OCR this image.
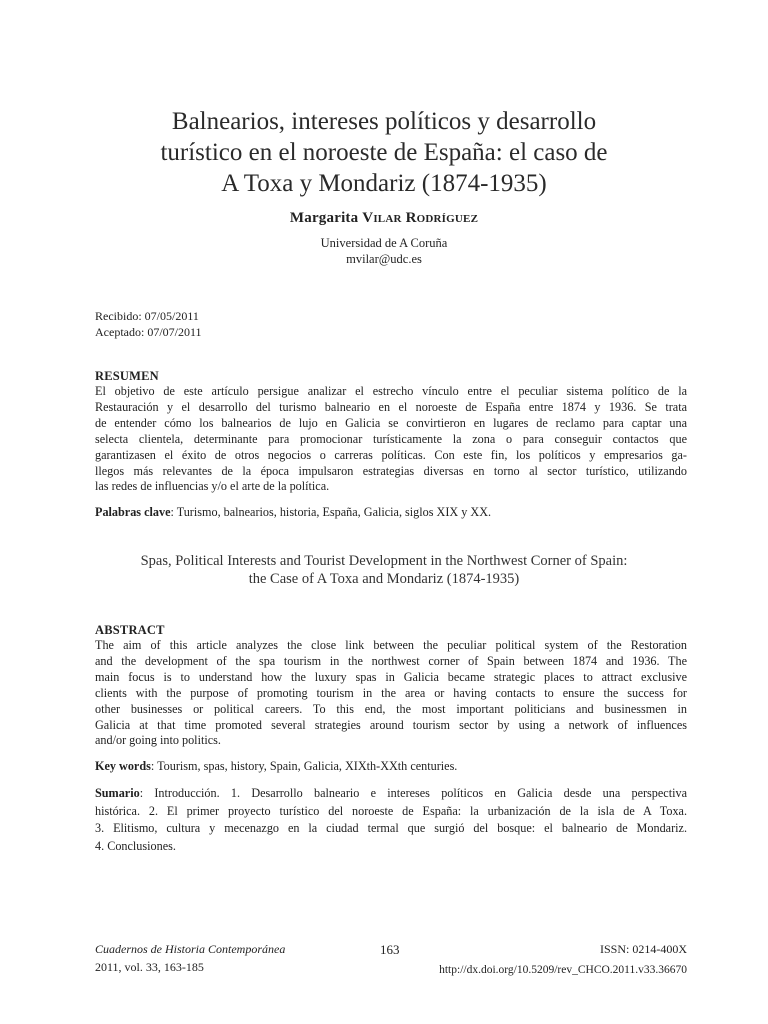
Balnearios, intereses políticos y desarrollo
turístico en el noroeste de España: el caso de
A Toxa y Mondariz (1874-1935)
Margarita Vilar Rodríguez
Universidad de A Coruña
mvilar@udc.es
Recibido: 07/05/2011
Aceptado: 07/07/2011
RESUMEN
El objetivo de este artículo persigue analizar el estrecho vínculo entre el peculiar sistema político de la
Restauración y el desarrollo del turismo balneario en el noroeste de España entre 1874 y 1936. Se trata
de entender cómo los balnearios de lujo en Galicia se convirtieron en lugares de reclamo para captar una
selecta clientela, determinante para promocionar turísticamente la zona o para conseguir contactos que
garantizasen el éxito de otros negocios o carreras políticas. Con este fin, los políticos y empresarios ga-
llegos más relevantes de la época impulsaron estrategias diversas en torno al sector turístico, utilizando
las redes de influencias y/o el arte de la política.
Palabras clave: Turismo, balnearios, historia, España, Galicia, siglos XIX y XX.
Spas, Political Interests and Tourist Development in the Northwest Corner of Spain:
the Case of A Toxa and Mondariz (1874-1935)
ABSTRACT
The aim of this article analyzes the close link between the peculiar political system of the Restoration
and the development of the spa tourism in the northwest corner of Spain between 1874 and 1936. The
main focus is to understand how the luxury spas in Galicia became strategic places to attract exclusive
clients with the purpose of promoting tourism in the area or having contacts to ensure the success for
other businesses or political careers. To this end, the most important politicians and businessmen in
Galicia at that time promoted several strategies around tourism sector by using a network of influences
and/or going into politics.
Key words: Tourism, spas, history, Spain, Galicia, XIXth-XXth centuries.
Sumario: Introducción. 1. Desarrollo balneario e intereses políticos en Galicia desde una perspectiva
histórica. 2. El primer proyecto turístico del noroeste de España: la urbanización de la isla de A Toxa.
3. Elitismo, cultura y mecenazgo en la ciudad termal que surgió del bosque: el balneario de Mondariz.
4. Conclusiones.
Cuadernos de Historia Contemporánea
2011, vol. 33, 163-185
163	ISSN: 0214-400X
http://dx.doi.org/10.5209/rev_CHCO.2011.v33.36670
